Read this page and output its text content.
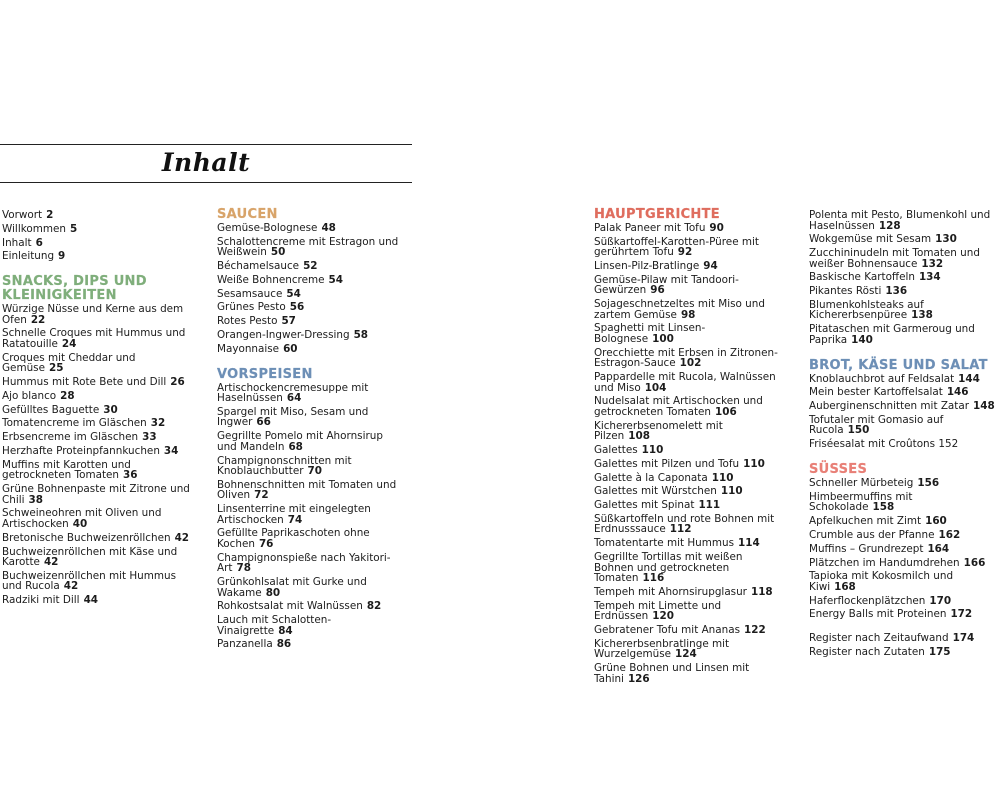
Inhalt
Vorwort 2
Willkommen 5
Inhalt 6
Einleitung 9
SNACKS, DIPS UND KLEINIGKEITEN
Würzige Nüsse und Kerne aus dem Ofen 22
Schnelle Croques mit Hummus und Ratatouille 24
Croques mit Cheddar und Gemüse 25
Hummus mit Rote Bete und Dill 26
Ajo blanco 28
Gefülltes Baguette 30
Tomatencreme im Gläschen 32
Erbsencreme im Gläschen 33
Herzhafte Proteinpfannkuchen 34
Muffins mit Karotten und getrockneten Tomaten 36
Grüne Bohnenpaste mit Zitrone und Chili 38
Schweineohren mit Oliven und Artischocken 40
Bretonische Buchweizenröllchen 42
Buchweizenröllchen mit Käse und Karotte 42
Buchweizenröllchen mit Hummus und Rucola 42
Radziki mit Dill 44
SAUCEN
Gemüse-Bolognese 48
Schalottencreme mit Estragon und Weißwein 50
Béchamelsauce 52
Weiße Bohnencreme 54
Sesamsauce 54
Grünes Pesto 56
Rotes Pesto 57
Orangen-Ingwer-Dressing 58
Mayonnaise 60
VORSPEISEN
Artischockencremesuppe mit Haselnüssen 64
Spargel mit Miso, Sesam und Ingwer 66
Gegrillte Pomelo mit Ahornsirup und Mandeln 68
Champignonschnitten mit Knoblauchbutter 70
Bohnenschnitten mit Tomaten und Oliven 72
Linsenterrine mit eingelegten Artischocken 74
Gefüllte Paprikaschoten ohne Kochen 76
Champignonspieße nach Yakitori-Art 78
Grünkohlsalat mit Gurke und Wakame 80
Rohkostsalat mit Walnüssen 82
Lauch mit Schalotten-Vinaigrette 84
Panzanella 86
HAUPTGERICHTE
Palak Paneer mit Tofu 90
Süßkartoffel-Karotten-Püree mit gerührtem Tofu 92
Linsen-Pilz-Bratlinge 94
Gemüse-Pilaw mit Tandoori-Gewürzen 96
Sojageschnetzeltes mit Miso und zartem Gemüse 98
Spaghetti mit Linsen-Bolognese 100
Orecchiette mit Erbsen in Zitronen-Estragon-Sauce 102
Pappardelle mit Rucola, Walnüssen und Miso 104
Nudelsalat mit Artischocken und getrockneten Tomaten 106
Kichererbsenomelett mit Pilzen 108
Galettes 110
Galettes mit Pilzen und Tofu 110
Galette à la Caponata 110
Galettes mit Würstchen 110
Galettes mit Spinat 111
Süßkartoffeln und rote Bohnen mit Erdnusssauce 112
Tomatentarte mit Hummus 114
Gegrillte Tortillas mit weißen Bohnen und getrockneten Tomaten 116
Tempeh mit Ahornsirupglasur 118
Tempeh mit Limette und Erdnüssen 120
Gebratener Tofu mit Ananas 122
Kichererbsenbratlinge mit Wurzelgemüse 124
Grüne Bohnen und Linsen mit Tahini 126
Polenta mit Pesto, Blumenkohl und Haselnüssen 128
Wokgemüse mit Sesam 130
Zucchininudeln mit Tomaten und weißer Bohnensauce 132
Baskische Kartoffeln 134
Pikantes Rösti 136
Blumenkohlsteaks auf Kichererbsenpüree 138
Pitataschen mit Garmeroug und Paprika 140
BROT, KÄSE UND SALAT
Knoblauchbrot auf Feldsalat 144
Mein bester Kartoffelsalat 146
Auberginenschnitten mit Zatar 148
Tofutaler mit Gomasio auf Rucola 150
Friséesalat mit Croûtons 152
SÜSSES
Schneller Mürbeteig 156
Himbeermuffins mit Schokolade 158
Apfelkuchen mit Zimt 160
Crumble aus der Pfanne 162
Muffins – Grundrezept 164
Plätzchen im Handumdrehen 166
Tapioka mit Kokosmilch und Kiwi 168
Haferflockenplätzchen 170
Energy Balls mit Proteinen 172
Register nach Zeitaufwand 174
Register nach Zutaten 175
